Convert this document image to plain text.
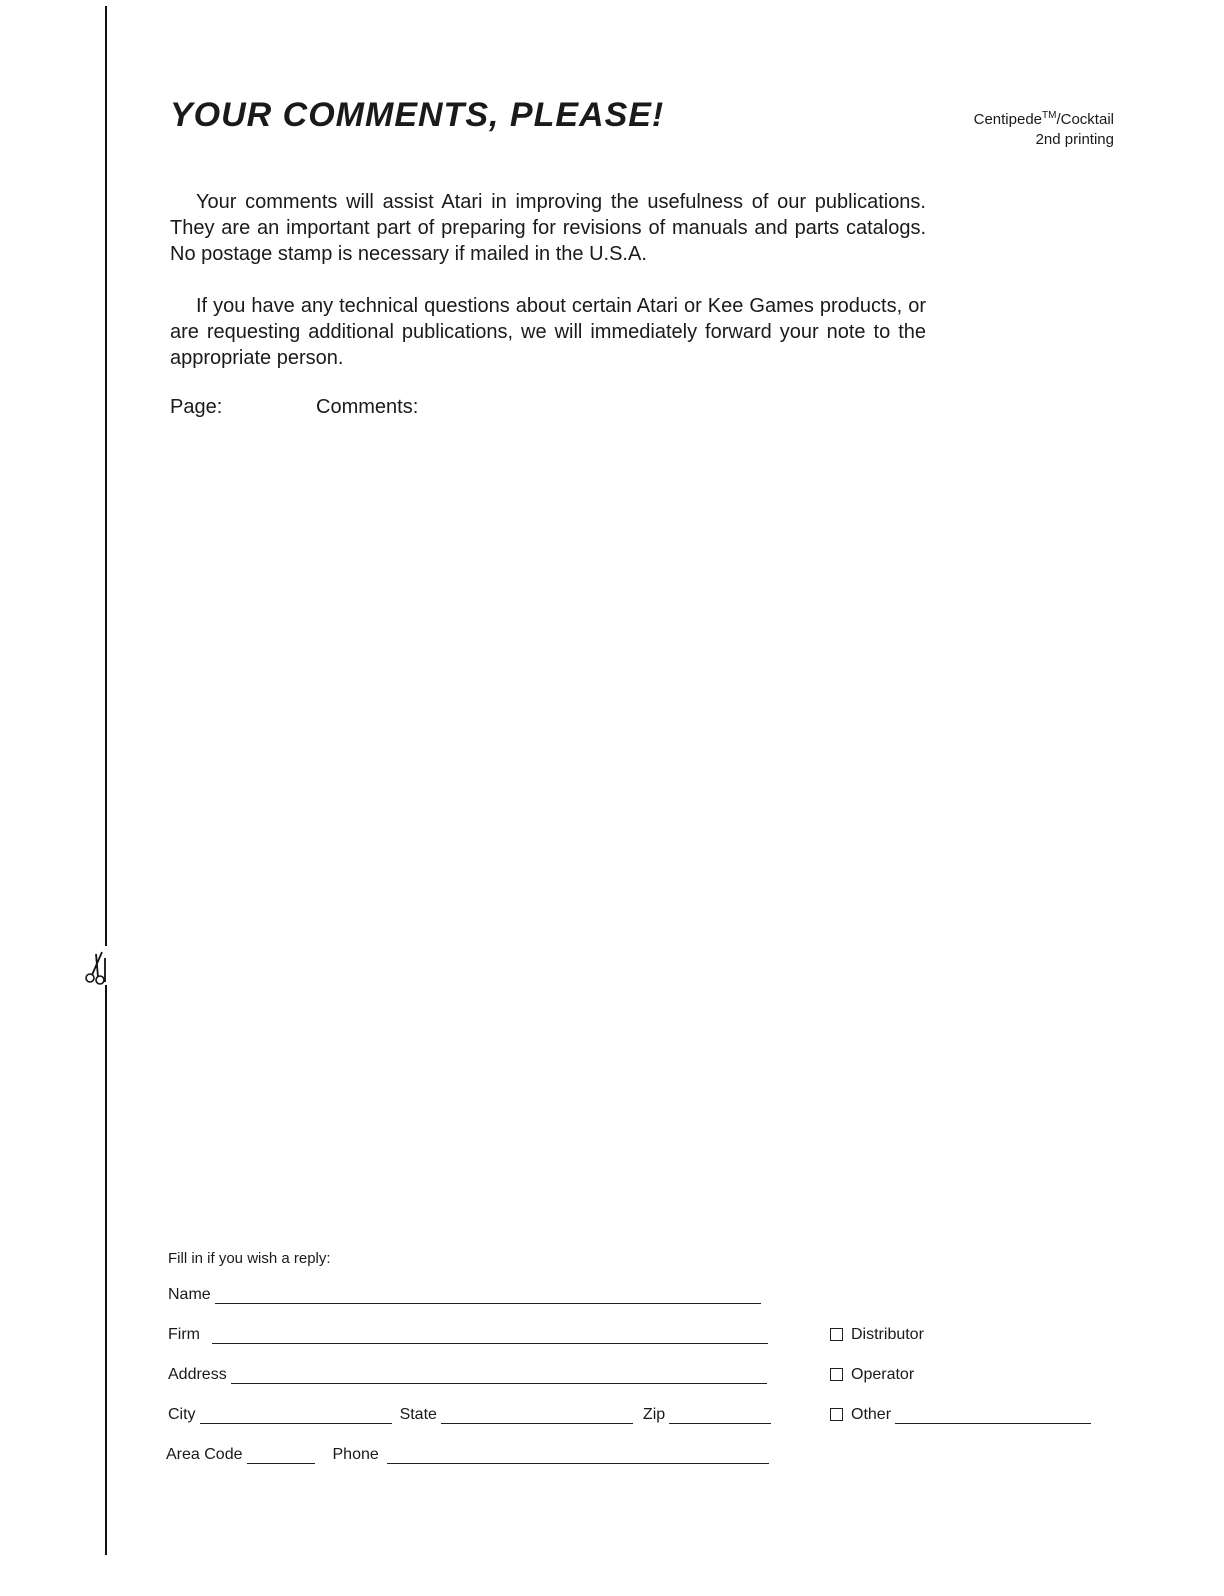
YOUR COMMENTS, PLEASE!	Centipede™/Cocktail
2nd printing

Your comments will assist Atari in improving the usefulness of our publications. They are an important part of preparing for revisions of manuals and parts catalogs. No postage stamp is necessary if mailed in the U.S.A.

If you have any technical questions about certain Atari or Kee Games products, or are requesting additional publications, we will immediately forward your note to the appropriate person.

Page:	Comments:
Fill in if you wish a reply:
Name
Firm
Address
City	State	Zip
Area Code	Phone
Distributor
Operator
Other
